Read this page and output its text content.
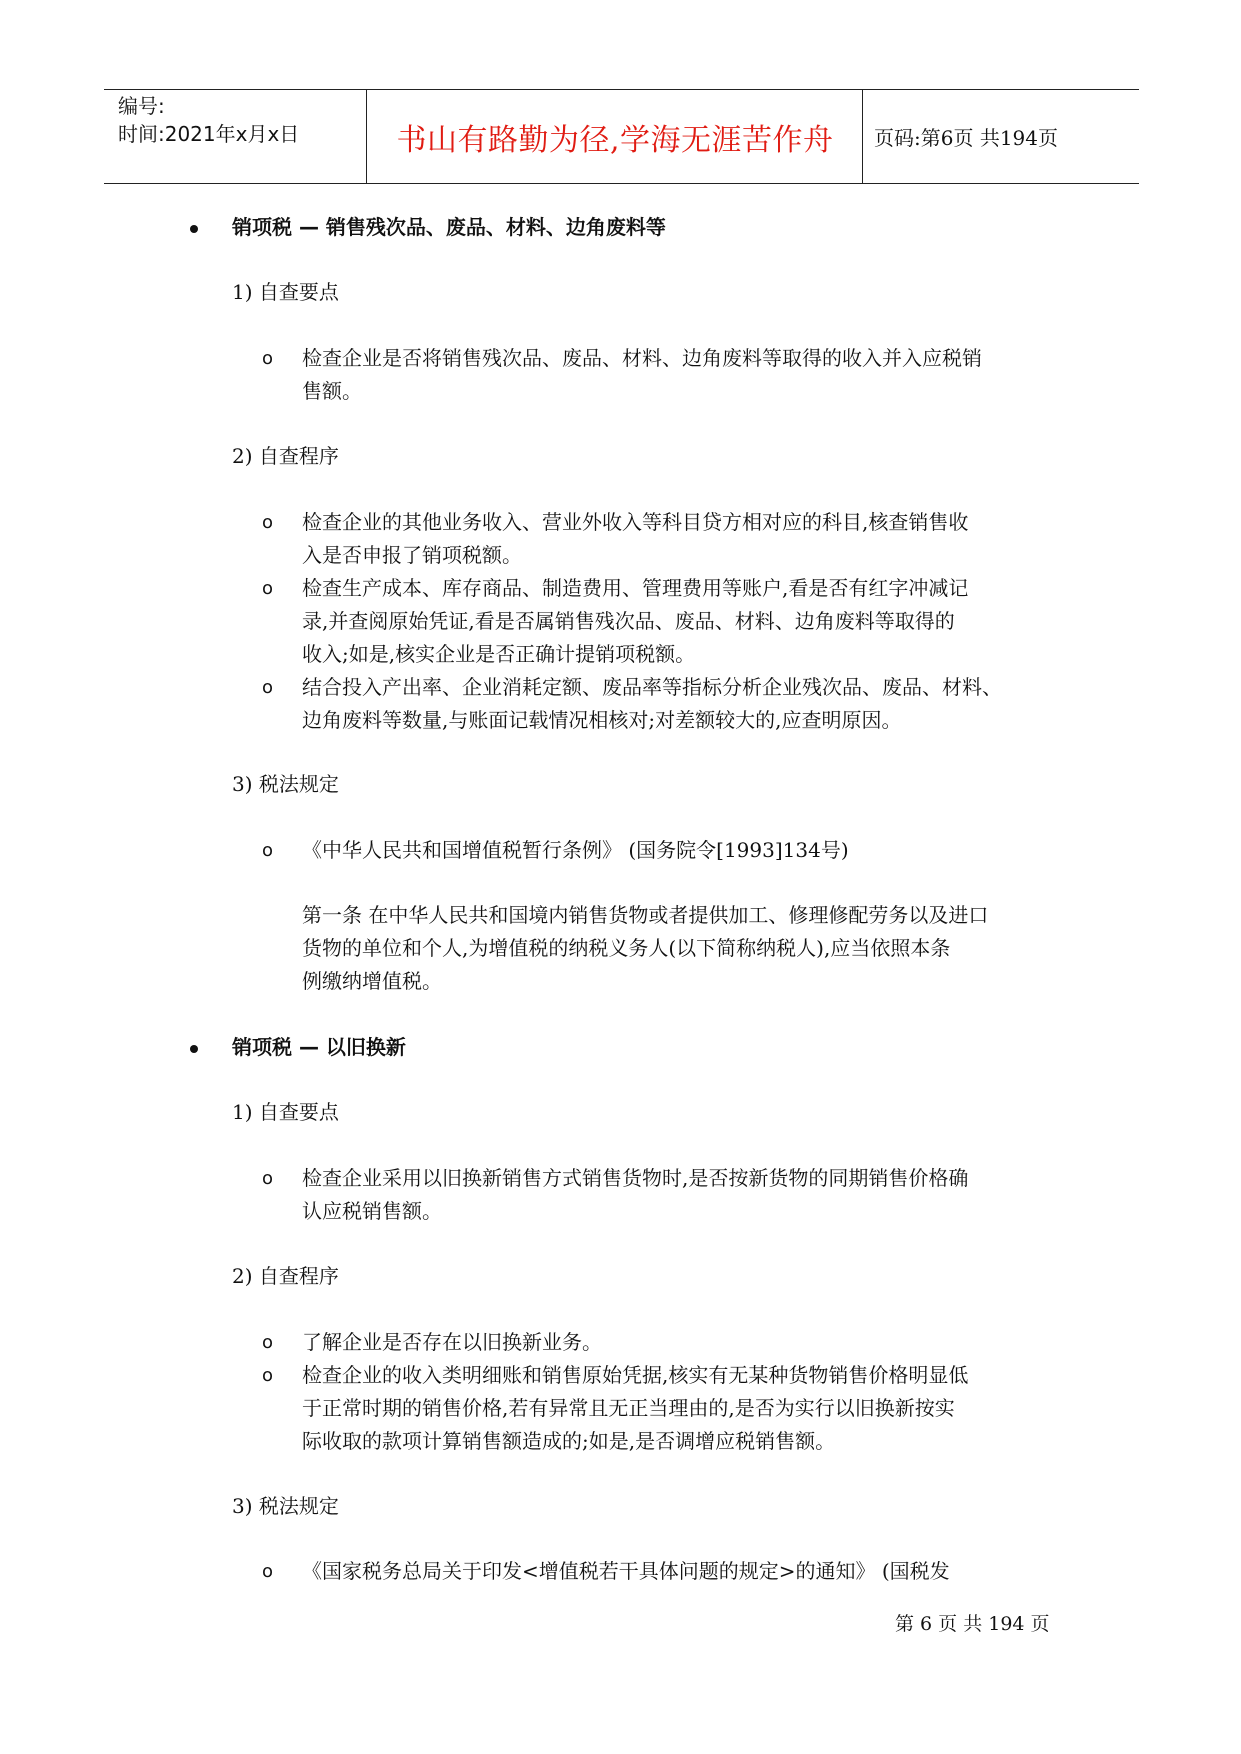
编号:
时间:2021年x月x日	书山有路勤为径,学海无涯苦作舟	页码:第6页 共194页
销项税 — 销售残次品、废品、材料、边角废料等
1) 自查要点
o 检查企业是否将销售残次品、废品、材料、边角废料等取得的收入并入应税销
售额。
2) 自查程序
o 检查企业的其他业务收入、营业外收入等科目贷方相对应的科目,核查销售收
入是否申报了销项税额。
o 检查生产成本、库存商品、制造费用、管理费用等账户,看是否有红字冲减记
录,并查阅原始凭证,看是否属销售残次品、废品、材料、边角废料等取得的
收入;如是,核实企业是否正确计提销项税额。
o 结合投入产出率、企业消耗定额、废品率等指标分析企业残次品、废品、材料、
边角废料等数量,与账面记载情况相核对;对差额较大的,应查明原因。
3) 税法规定
o 《中华人民共和国增值税暂行条例》 (国务院令[1993]134号)
第一条 在中华人民共和国境内销售货物或者提供加工、修理修配劳务以及进口
货物的单位和个人,为增值税的纳税义务人(以下简称纳税人),应当依照本条
例缴纳增值税。
销项税 — 以旧换新
1) 自查要点
o 检查企业采用以旧换新销售方式销售货物时,是否按新货物的同期销售价格确
认应税销售额。
2) 自查程序
o 了解企业是否存在以旧换新业务。
o 检查企业的收入类明细账和销售原始凭据,核实有无某种货物销售价格明显低
于正常时期的销售价格,若有异常且无正当理由的,是否为实行以旧换新按实
际收取的款项计算销售额造成的;如是,是否调增应税销售额。
3) 税法规定
o 《国家税务总局关于印发<增值税若干具体问题的规定>的通知》 (国税发
第 6 页 共 194 页
